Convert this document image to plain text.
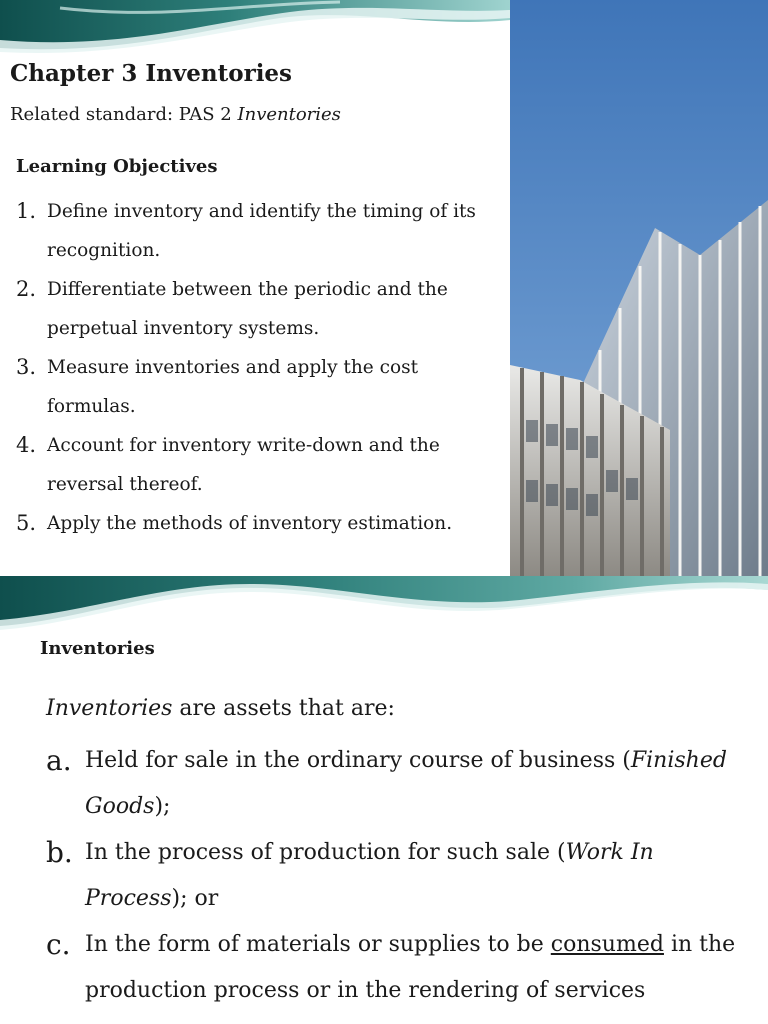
Chapter 3 Inventories

Related standard: PAS 2 Inventories

Learning Objectives
1. Define inventory and identify the timing of its recognition.
2. Differentiate between the periodic and the perpetual inventory systems.
3. Measure inventories and apply the cost formulas.
4. Account for inventory write-down and the reversal thereof.
5. Apply the methods of inventory estimation.
Inventories

Inventories are assets that are:

a. Held for sale in the ordinary course of business (Finished Goods);
b. In the process of production for such sale (Work In Process); or
c. In the form of materials or supplies to be consumed in the production process or in the rendering of services
